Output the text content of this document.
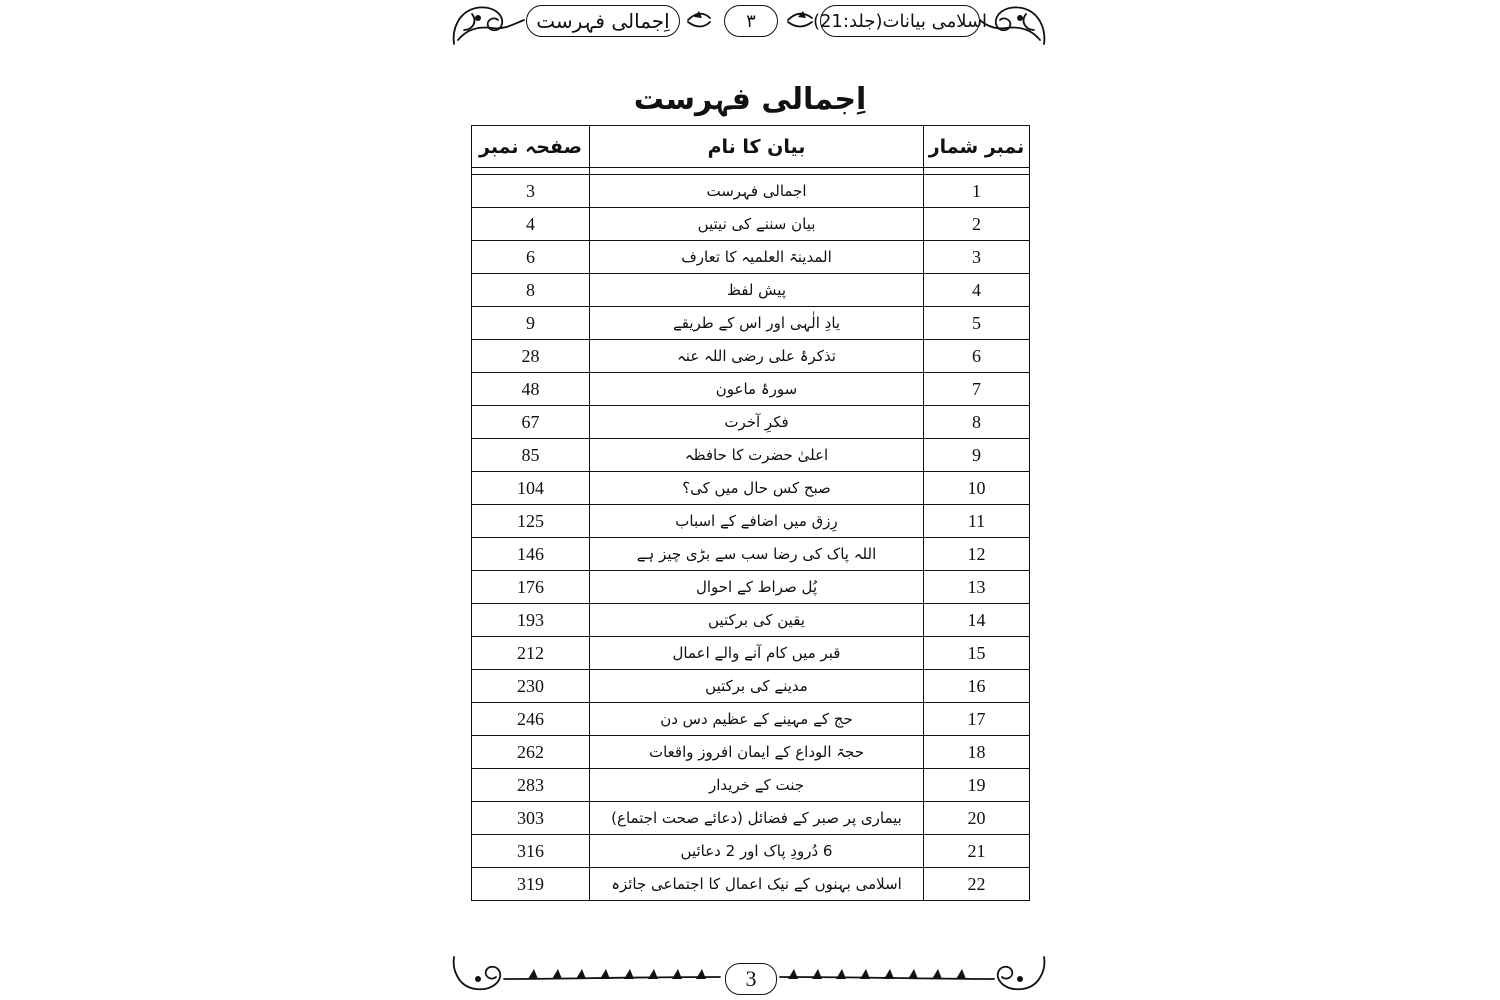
اِجمالی فہرست	۳	اسلامی بیانات(جلد:21)
اِجمالی فہرست
نمبر شمار	بیان کا نام	صفحہ نمبر

1	اجمالی فہرست	3
2	بیان سننے کی نیتیں	4
3	المدینۃ العلمیہ کا تعارف	6
4	پیش لفظ	8
5	یادِ الٰہی اور اس کے طریقے	9
6	تذکرۂ علی رضی اللہ عنہ	28
7	سورۂ ماعون	48
8	فکرِ آخرت	67
9	اعلیٰ حضرت کا حافظہ	85
10	صبح کس حال میں کی؟	104
11	رِزق میں اضافے کے اسباب	125
12	اللہ پاک کی رضا سب سے بڑی چیز ہے	146
13	پُل صراط کے احوال	176
14	یقین کی برکتیں	193
15	قبر میں کام آنے والے اعمال	212
16	مدینے کی برکتیں	230
17	حج کے مہینے کے عظیم دس دن	246
18	حجۃ الوداع کے ایمان افروز واقعات	262
19	جنت کے خریدار	283
20	بیماری پر صبر کے فضائل (دعائے صحت اجتماع)	303
21	6 دُرودِ پاک اور 2 دعائیں	316
22	اسلامی بہنوں کے نیک اعمال کا اجتماعی جائزہ	319
3
